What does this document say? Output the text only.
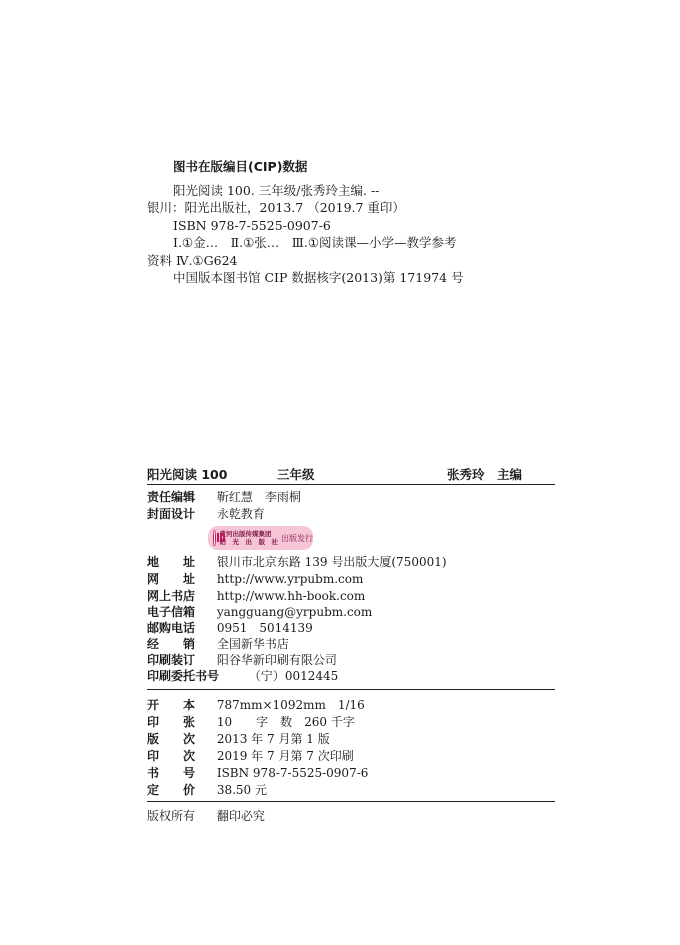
图书在版编目(CIP)数据
阳光阅读 100. 三年级/张秀玲主编. --
银川：阳光出版社，2013.7 （2019.7 重印）
ISBN 978-7-5525-0907-6
Ⅰ.①金…　Ⅱ.①张…　Ⅲ.①阅读课—小学—教学参考
资料 Ⅳ.①G624
中国版本图书馆 CIP 数据核字(2013)第 171974 号
阳光阅读 100	三年级	张秀玲　主编
责任编辑 靳红慧　李雨桐
封面设计 永乾教育
黄河出版传媒集团
阳　光　出　版　社 出版发行
地　　址 银川市北京东路 139 号出版大厦(750001)
网　　址 http://www.yrpubm.com
网上书店 http://www.hh-book.com
电子信箱 yangguang@yrpubm.com
邮购电话 0951　5014139
经　　销 全国新华书店
印刷装订 阳谷华新印刷有限公司
印刷委托书号 （宁）0012445
开　　本 787mm×1092mm　1/16
印　　张 10　　字　数　260 千字
版　　次 2013 年 7 月第 1 版
印　　次 2019 年 7 月第 7 次印刷
书　　号 ISBN 978-7-5525-0907-6
定　　价 38.50 元
版权所有 翻印必究
